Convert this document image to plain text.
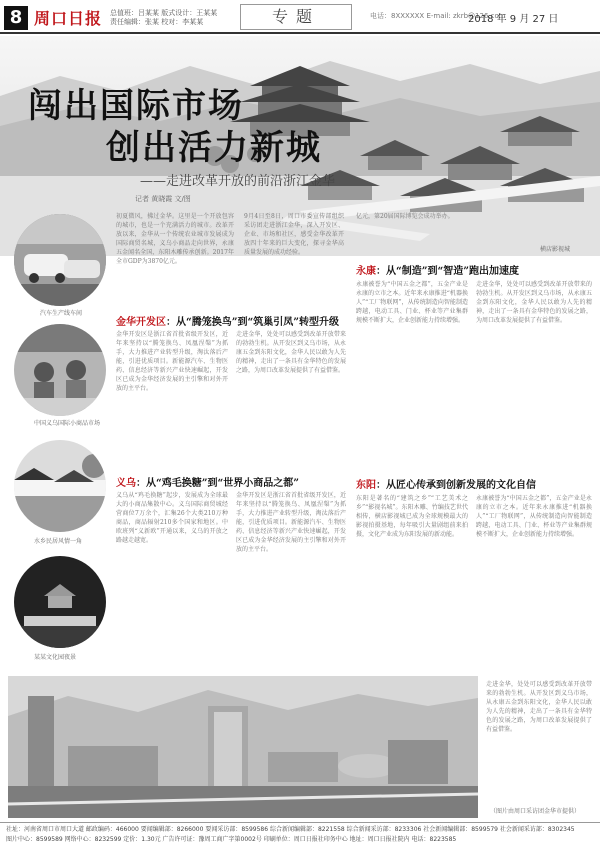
8 周口日报 总值班：吕某某 版式设计：王某某
责任编辑：张某 校对：李某某	专题	电话：8XXXXXX E-mail: zkrb@126.com
2018 年 9 月 27 日
闯出国际市场
创出活力新城
——走进改革开放的前沿浙江金华
记者 黄晓霞 文/图
横店影视城
汽车生产线车间
中国义乌国际小商品市场
水乡民居风情一角
某某文化园夜景
初夏微风，拂过金华。这里是一个开放包容的城市，也是一个充满活力的城市。改革开放以来，金华从一个传统农业城市发展成为国际商贸名城，义乌小商品走向世界，永康五金闻名全国，东阳木雕传承创新。2017年全市GDP为3870亿元。
9月4日至8日，周口市委宣传部组织采访团走进浙江金华，深入开发区、企业、市场和社区，感受金华改革开放四十年来的巨大变化，探寻金华高质量发展的成功经验。
金华开发区：从“腾笼换鸟”到“筑巢引凤”转型升级
金华开发区是浙江省首批省级开发区，近年来坚持以“腾笼换鸟、凤凰涅槃”为抓手，大力推进产业转型升级，淘汰落后产能，引进优质项目。新能源汽车、生物医药、信息经济等新兴产业快速崛起，开发区已成为金华经济发展的主引擎和对外开放的主平台。
走进金华，处处可以感受到改革开放带来的勃勃生机。从开发区到义乌市场，从永康五金到东阳文化，金华人民以敢为人先的精神，走出了一条具有金华特色的发展之路，为周口改革发展提供了有益借鉴。
义乌：从“鸡毛换糖”到“世界小商品之都”
义乌从“鸡毛换糖”起步，发展成为全球最大的小商品集散中心。义乌国际商贸城经营商位7万余个，汇集26个大类210万种商品，商品辐射210多个国家和地区。中欧班列“义新欧”开通以来，义乌的开放之路越走越宽。
金华开发区是浙江省首批省级开发区，近年来坚持以“腾笼换鸟、凤凰涅槃”为抓手，大力推进产业转型升级，淘汰落后产能，引进优质项目。新能源汽车、生物医药、信息经济等新兴产业快速崛起，开发区已成为金华经济发展的主引擎和对外开放的主平台。
亿元，第20届国际博览会成功举办。
永康：从“制造”到“智造”跑出加速度
永康被誉为“中国五金之都”，五金产业是永康的立市之本。近年来永康推进“机器换人”“工厂物联网”，从传统制造向智能制造跨越，电动工具、门业、杯业等产业集群规模不断扩大，企业创新能力持续增强。
走进金华，处处可以感受到改革开放带来的勃勃生机。从开发区到义乌市场，从永康五金到东阳文化，金华人民以敢为人先的精神，走出了一条具有金华特色的发展之路，为周口改革发展提供了有益借鉴。
东阳：从匠心传承到创新发展的文化自信
东阳是著名的“建筑之乡”“工艺美术之乡”“影视名城”。东阳木雕、竹编技艺世代相传，横店影视城已成为全球规模最大的影视拍摄基地，每年吸引大量剧组前来拍摄，文化产业成为东阳发展的新动能。
永康被誉为“中国五金之都”，五金产业是永康的立市之本。近年来永康推进“机器换人”“工厂物联网”，从传统制造向智能制造跨越，电动工具、门业、杯业等产业集群规模不断扩大，企业创新能力持续增强。
走进金华，处处可以感受到改革开放带来的勃勃生机。从开发区到义乌市场，从永康五金到东阳文化，金华人民以敢为人先的精神，走出了一条具有金华特色的发展之路，为周口改革发展提供了有益借鉴。
（图片由周口采访团金华市提供）
社址：河南省周口市周口大道 邮政编码：466000 要闻编辑部：8266000 要闻采访部：8599586 综合新闻编辑部：8221558 综合新闻采访部：8233306 社会新闻编辑部：8599579 社会新闻采访部：8302345
图片中心：8599589 网络中心：8232599 定价：1.30元 广告许可证：豫周工商广字第0002号 印刷单位：周口日报社印务中心 地址：周口日报社院内 电话：8223585
